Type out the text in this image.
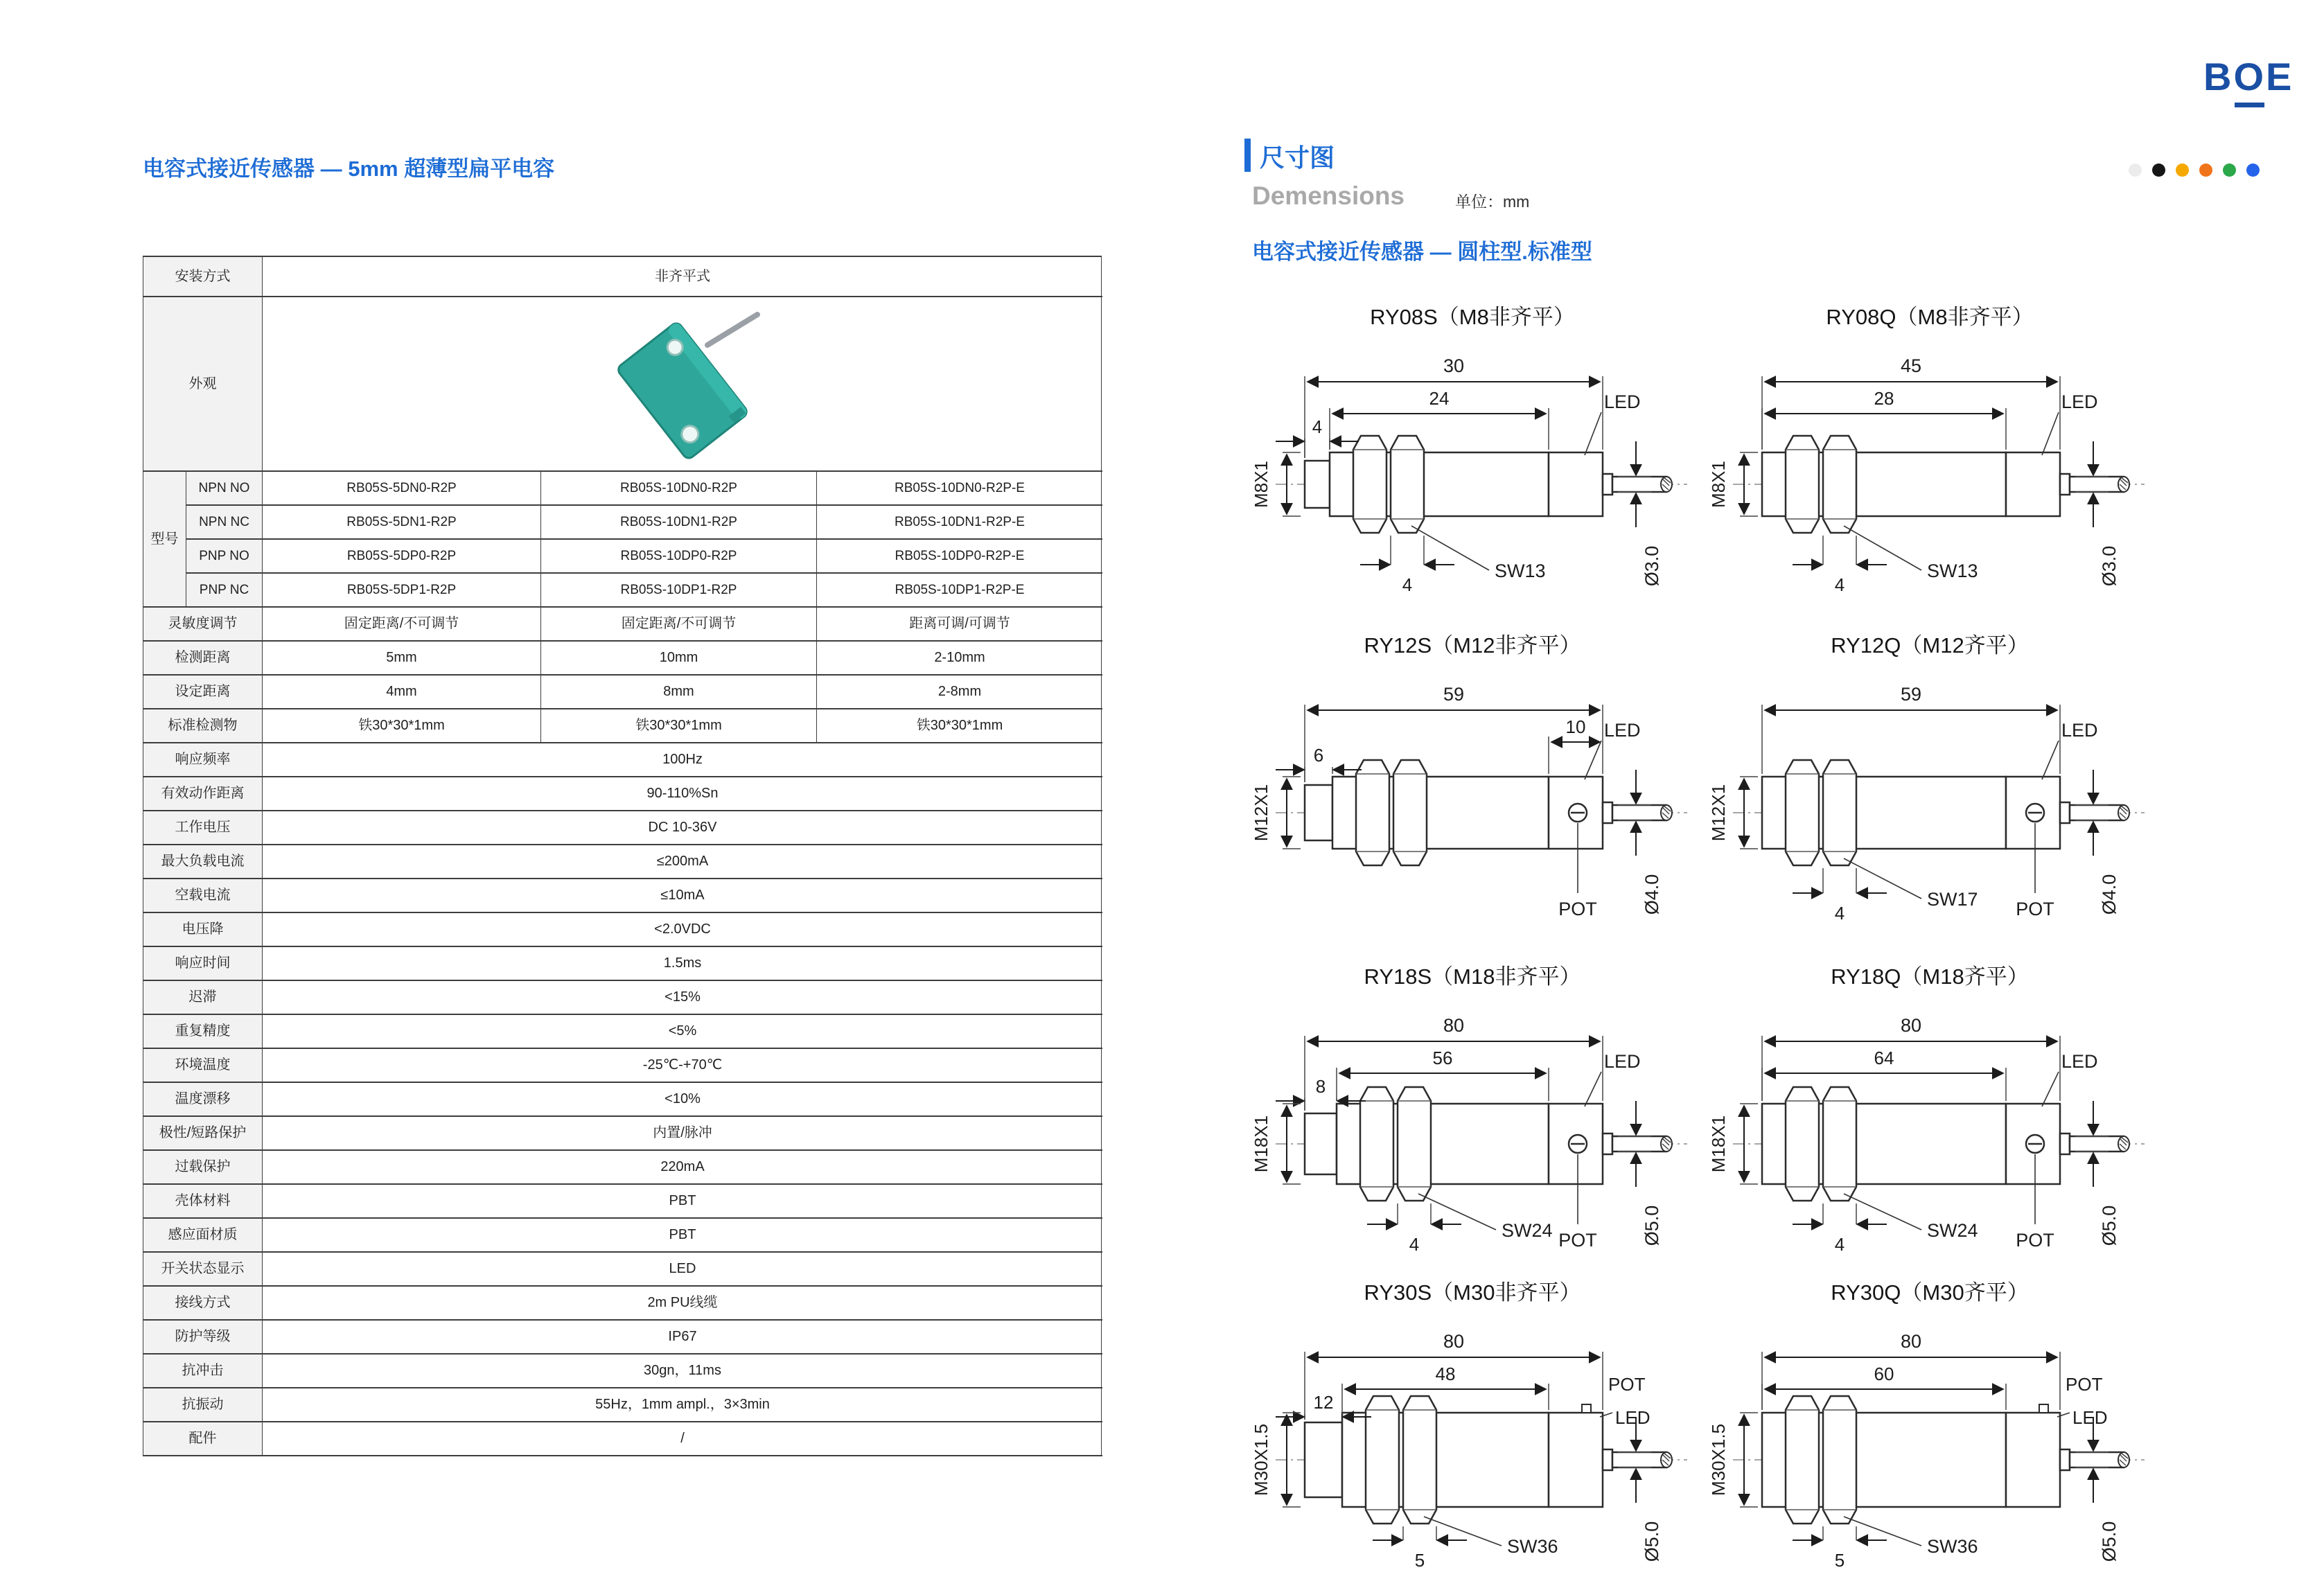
BO
E
电容式接近传感器 — 5mm 超薄型扁平电容
安装方式	非齐平式
外观
型号
NPN NO	RB05S-5DN0-R2P	RB05S-10DN0-R2P	RB05S-10DN0-R2P-E
NPN NC	RB05S-5DN1-R2P	RB05S-10DN1-R2P	RB05S-10DN1-R2P-E
PNP NO	RB05S-5DP0-R2P	RB05S-10DP0-R2P	RB05S-10DP0-R2P-E
PNP NC	RB05S-5DP1-R2P	RB05S-10DP1-R2P	RB05S-10DP1-R2P-E
灵敏度调节	固定距离/不可调节	固定距离/不可调节	距离可调/可调节
检测距离	5mm	10mm	2-10mm
设定距离	4mm	8mm	2-8mm
标准检测物	铁30*30*1mm	铁30*30*1mm	铁30*30*1mm
响应频率	100Hz
有效动作距离	90-110%Sn
工作电压	DC 10-36V
最大负载电流	≤200mA
空载电流	≤10mA
电压降	<2.0VDC
响应时间	1.5ms
迟滞	<15%
重复精度	<5%
环境温度	-25℃-+70℃
温度漂移	<10%
极性/短路保护	内置/脉冲
过载保护	220mA
壳体材料	PBT
感应面材质	PBT
开关状态显示	LED
接线方式	2m PU线缆
防护等级	IP67
抗冲击	30gn，11ms
抗振动	55Hz，1mm ampl.，3×3min
配件	/
尺寸图
Demensions	单位：mm
电容式接近传感器 — 圆柱型.标准型
RY08S（M8非齐平）
30
24
4
M8X1
4
SW13
LED
Ø3.0
RY08Q（M8非齐平）
45
28
M8X1
4
SW13
LED
Ø3.0
RY12S（M12非齐平）
59
10
6
M12X1
LED
POT Ø4.0
RY12Q（M12齐平）
59
M12X1
4
SW17
LED
POT Ø4.0
RY18S（M18非齐平）
80
56
8
M18X1
4
SW24
LED
POT Ø5.0
RY18Q（M18齐平）
80
64
M18X1
4
SW24
LED
POT Ø5.0
RY30S（M30非齐平）
80
48
12
M30X1.5
5
SW36
POT
LED
Ø5.0
RY30Q（M30齐平）
80
60
M30X1.5
5
SW36
POT
LED
Ø5.0
